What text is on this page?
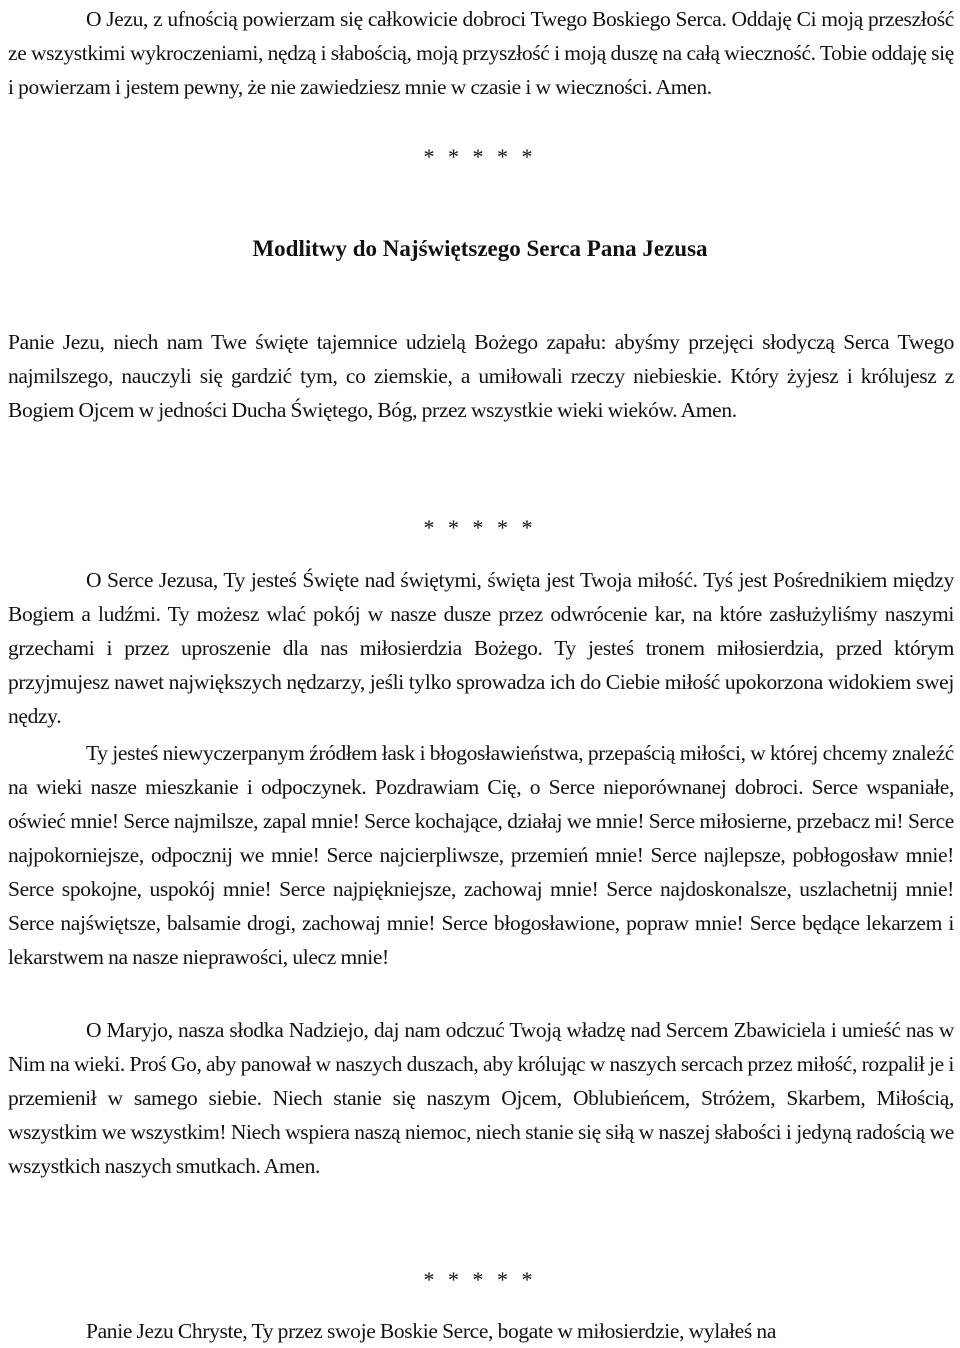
O Jezu, z ufnością powierzam się całkowicie dobroci Twego Boskiego Serca. Oddaję Ci moją przeszłość ze wszystkimi wykroczeniami, nędzą i słabością, moją przyszłość i moją duszę na całą wieczność. Tobie oddaję się i powierzam i jestem pewny, że nie zawiedziesz mnie w czasie i w wieczności. Amen.

* * * * *

Modlitwy do Najświętszego Serca Pana Jezusa

Panie Jezu, niech nam Twe święte tajemnice udzielą Bożego zapału: abyśmy przejęci słodyczą Serca Twego najmilszego, nauczyli się gardzić tym, co ziemskie, a umiłowali rzeczy niebieskie. Który żyjesz i królujesz z Bogiem Ojcem w jedności Ducha Świętego, Bóg, przez wszystkie wieki wieków. Amen.

* * * * *

O Serce Jezusa, Ty jesteś Święte nad świętymi, święta jest Twoja miłość. Tyś jest Pośrednikiem między Bogiem a ludźmi. Ty możesz wlać pokój w nasze dusze przez odwrócenie kar, na które zasłużyliśmy naszymi grzechami i przez uproszenie dla nas miłosierdzia Bożego. Ty jesteś tronem miłosierdzia, przed którym przyjmujesz nawet największych nędzarzy, jeśli tylko sprowadza ich do Ciebie miłość upokorzona widokiem swej nędzy.

Ty jesteś niewyczerpanym źródłem łask i błogosławieństwa, przepaścią miłości, w której chcemy znaleźć na wieki nasze mieszkanie i odpoczynek. Pozdrawiam Cię, o Serce nieporównanej dobroci. Serce wspaniałe, oświeć mnie! Serce najmilsze, zapal mnie! Serce kochające, działaj we mnie! Serce miłosierne, przebacz mi! Serce najpokorniejsze, odpocznij we mnie! Serce najcierpliwsze, przemień mnie! Serce najlepsze, pobłogosław mnie! Serce spokojne, uspokój mnie! Serce najpiękniejsze, zachowaj mnie! Serce najdoskonalsze, uszlachetnij mnie! Serce najświętsze, balsamie drogi, zachowaj mnie! Serce błogosławione, popraw mnie! Serce będące lekarzem i lekarstwem na nasze nieprawości, ulecz mnie!

O Maryjo, nasza słodka Nadziejo, daj nam odczuć Twoją władzę nad Sercem Zbawiciela i umieść nas w Nim na wieki. Proś Go, aby panował w naszych duszach, aby królując w naszych sercach przez miłość, rozpalił je i przemienił w samego siebie. Niech stanie się naszym Ojcem, Oblubieńcem, Stróżem, Skarbem, Miłością, wszystkim we wszystkim! Niech wspiera naszą niemoc, niech stanie się siłą w naszej słabości i jedyną radością we wszystkich naszych smutkach. Amen.

* * * * *

Panie Jezu Chryste, Ty przez swoje Boskie Serce, bogate w miłosierdzie, wylałeś na
